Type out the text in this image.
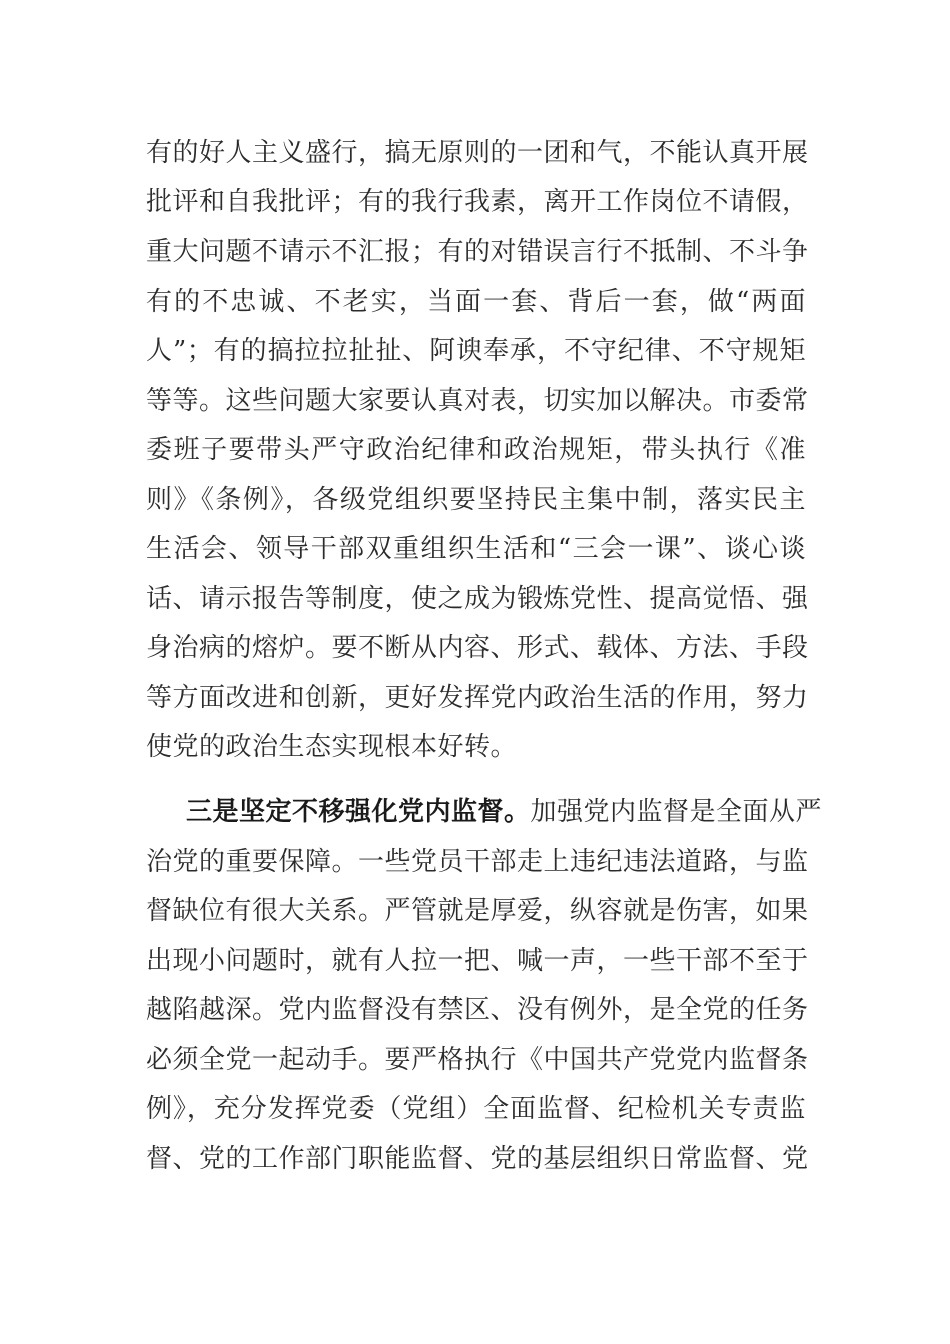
有的好人主义盛行，搞无原则的一团和气，不能认真开展
批评和自我批评；有的我行我素，离开工作岗位不请假，
重大问题不请示不汇报；有的对错误言行不抵制、不斗争
有的不忠诚、不老实，当面一套、背后一套，做“两面
人”；有的搞拉拉扯扯、阿谀奉承，不守纪律、不守规矩
等等。这些问题大家要认真对表，切实加以解决。市委常
委班子要带头严守政治纪律和政治规矩，带头执行《准
则》《条例》，各级党组织要坚持民主集中制，落实民主
生活会、领导干部双重组织生活和“三会一课”、谈心谈
话、请示报告等制度，使之成为锻炼党性、提高觉悟、强
身治病的熔炉。要不断从内容、形式、载体、方法、手段
等方面改进和创新，更好发挥党内政治生活的作用，努力
使党的政治生态实现根本好转。
三是坚定不移强化党内监督。加强党内监督是全面从严
治党的重要保障。一些党员干部走上违纪违法道路，与监
督缺位有很大关系。严管就是厚爱，纵容就是伤害，如果
出现小问题时，就有人拉一把、喊一声，一些干部不至于
越陷越深。党内监督没有禁区、没有例外，是全党的任务
必须全党一起动手。要严格执行《中国共产党党内监督条
例》，充分发挥党委（党组）全面监督、纪检机关专责监
督、党的工作部门职能监督、党的基层组织日常监督、党
